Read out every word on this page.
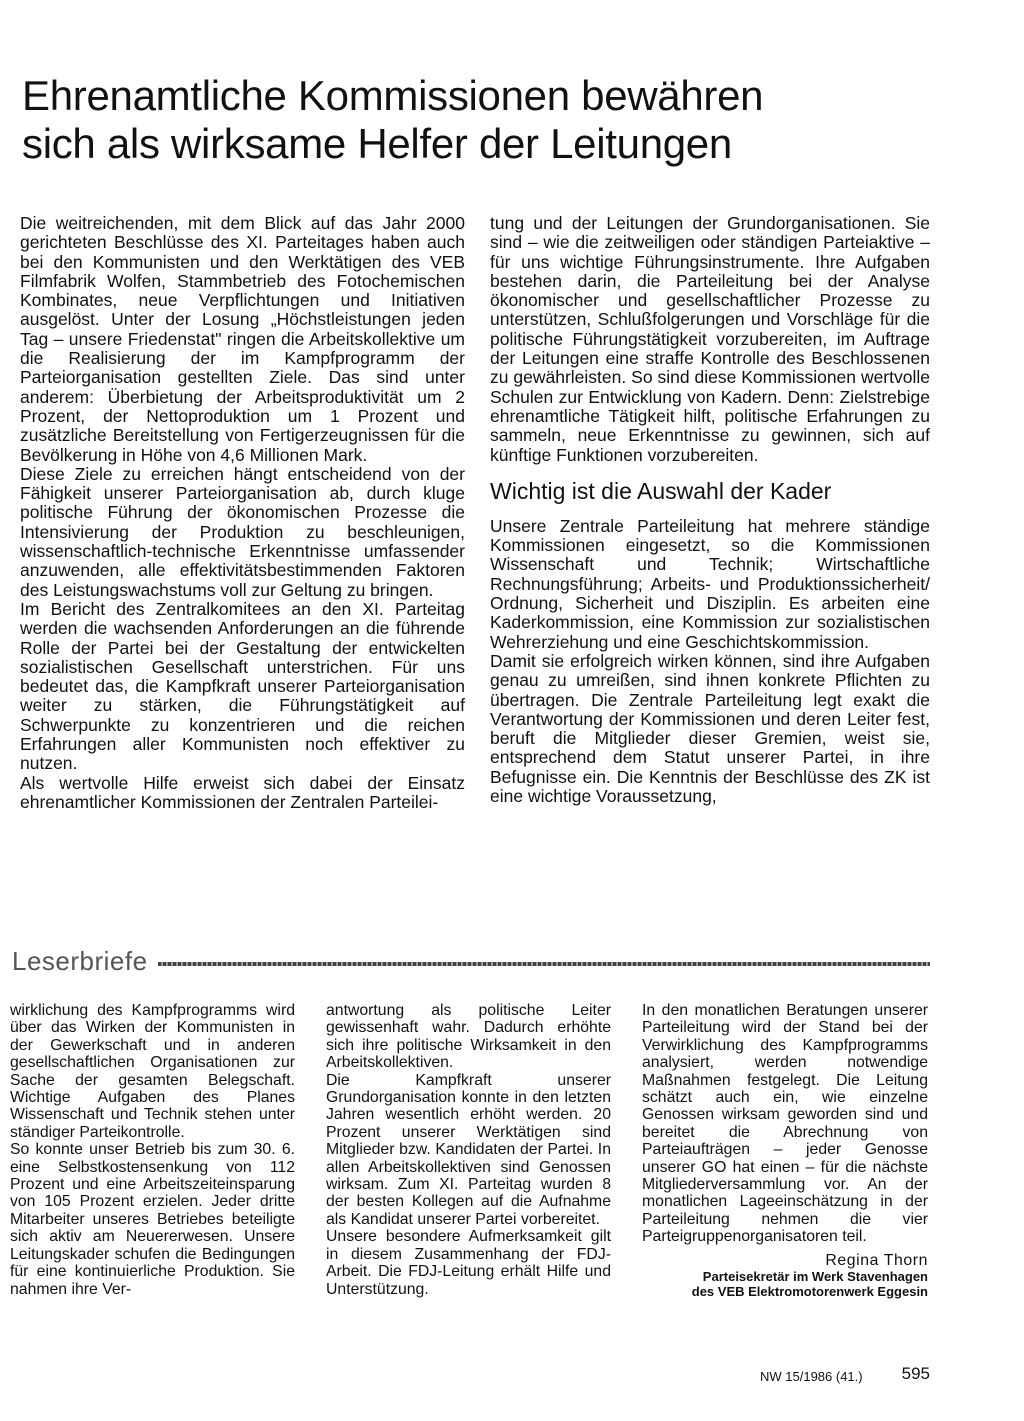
Ehrenamtliche Kommissionen bewähren
sich als wirksame Helfer der Leitungen

Die weitreichenden, mit dem Blick auf das Jahr 2000 gerichteten Beschlüsse des XI. Parteitages haben auch bei den Kommunisten und den Werktätigen des VEB Filmfabrik Wolfen, Stammbetrieb des Fotochemischen Kombinates, neue Verpflichtungen und Initiativen ausgelöst. Unter der Losung „Höchstleistungen jeden Tag – unsere Friedenstat" ringen die Arbeitskollektive um die Realisierung der im Kampfprogramm der Parteiorganisation gestellten Ziele. Das sind unter anderem: Überbietung der Arbeitsproduktivität um 2 Prozent, der Nettoproduktion um 1 Prozent und zusätzliche Bereitstellung von Fertigerzeugnissen für die Bevölkerung in Höhe von 4,6 Millionen Mark.

Diese Ziele zu erreichen hängt entscheidend von der Fähigkeit unserer Parteiorganisation ab, durch kluge politische Führung der ökonomischen Prozesse die Intensivierung der Produktion zu beschleunigen, wissenschaftlich-technische Erkenntnisse umfassender anzuwenden, alle effektivitätsbestimmenden Faktoren des Leistungswachstums voll zur Geltung zu bringen.

Im Bericht des Zentralkomitees an den XI. Parteitag werden die wachsenden Anforderungen an die führende Rolle der Partei bei der Gestaltung der entwickelten sozialistischen Gesellschaft unterstrichen. Für uns bedeutet das, die Kampfkraft unserer Parteiorganisation weiter zu stärken, die Führungstätigkeit auf Schwerpunkte zu konzentrieren und die reichen Erfahrungen aller Kommunisten noch effektiver zu nutzen.

Als wertvolle Hilfe erweist sich dabei der Einsatz ehrenamtlicher Kommissionen der Zentralen Parteilei-

tung und der Leitungen der Grundorganisationen. Sie sind – wie die zeitweiligen oder ständigen Parteiaktive – für uns wichtige Führungsinstrumente. Ihre Aufgaben bestehen darin, die Parteileitung bei der Analyse ökonomischer und gesellschaftlicher Prozesse zu unterstützen, Schlußfolgerungen und Vorschläge für die politische Führungstätigkeit vorzubereiten, im Auftrage der Leitungen eine straffe Kontrolle des Beschlossenen zu gewährleisten. So sind diese Kommissionen wertvolle Schulen zur Entwicklung von Kadern. Denn: Zielstrebige ehrenamtliche Tätigkeit hilft, politische Erfahrungen zu sammeln, neue Erkenntnisse zu gewinnen, sich auf künftige Funktionen vorzubereiten.

Wichtig ist die Auswahl der Kader

Unsere Zentrale Parteileitung hat mehrere ständige Kommissionen eingesetzt, so die Kommissionen Wissenschaft und Technik; Wirtschaftliche Rechnungsführung; Arbeits- und Produktionssicherheit/ Ordnung, Sicherheit und Disziplin. Es arbeiten eine Kaderkommission, eine Kommission zur sozialistischen Wehrerziehung und eine Geschichtskommission.

Damit sie erfolgreich wirken können, sind ihre Aufgaben genau zu umreißen, sind ihnen konkrete Pflichten zu übertragen. Die Zentrale Parteileitung legt exakt die Verantwortung der Kommissionen und deren Leiter fest, beruft die Mitglieder dieser Gremien, weist sie, entsprechend dem Statut unserer Partei, in ihre Befugnisse ein. Die Kenntnis der Beschlüsse des ZK ist eine wichtige Voraussetzung,

Leserbriefe

wirklichung des Kampfprogramms wird über das Wirken der Kommunisten in der Gewerkschaft und in anderen gesellschaftlichen Organisationen zur Sache der gesamten Belegschaft. Wichtige Aufgaben des Planes Wissenschaft und Technik stehen unter ständiger Parteikontrolle.

So konnte unser Betrieb bis zum 30. 6. eine Selbstkostensenkung von 112 Prozent und eine Arbeitszeiteinsparung von 105 Prozent erzielen. Jeder dritte Mitarbeiter unseres Betriebes beteiligte sich aktiv am Neuererwesen. Unsere Leitungskader schufen die Bedingungen für eine kontinuierliche Produktion. Sie nahmen ihre Ver-

antwortung als politische Leiter gewissenhaft wahr. Dadurch erhöhte sich ihre politische Wirksamkeit in den Arbeitskollektiven.

Die Kampfkraft unserer Grundorganisation konnte in den letzten Jahren wesentlich erhöht werden. 20 Prozent unserer Werktätigen sind Mitglieder bzw. Kandidaten der Partei. In allen Arbeitskollektiven sind Genossen wirksam. Zum XI. Parteitag wurden 8 der besten Kollegen auf die Aufnahme als Kandidat unserer Partei vorbereitet.

Unsere besondere Aufmerksamkeit gilt in diesem Zusammenhang der FDJ-Arbeit. Die FDJ-Leitung erhält Hilfe und Unterstützung.

In den monatlichen Beratungen unserer Parteileitung wird der Stand bei der Verwirklichung des Kampfprogramms analysiert, werden notwendige Maßnahmen festgelegt. Die Leitung schätzt auch ein, wie einzelne Genossen wirksam geworden sind und bereitet die Abrechnung von Parteiaufträgen – jeder Genosse unserer GO hat einen – für die nächste Mitgliederversammlung vor. An der monatlichen Lageeinschätzung in der Parteileitung nehmen die vier Parteigruppenorganisatoren teil.

Regina Thorn

Parteisekretär im Werk Stavenhagen

des VEB Elektromotorenwerk Eggesin

NW 15/1986 (41.) 595
